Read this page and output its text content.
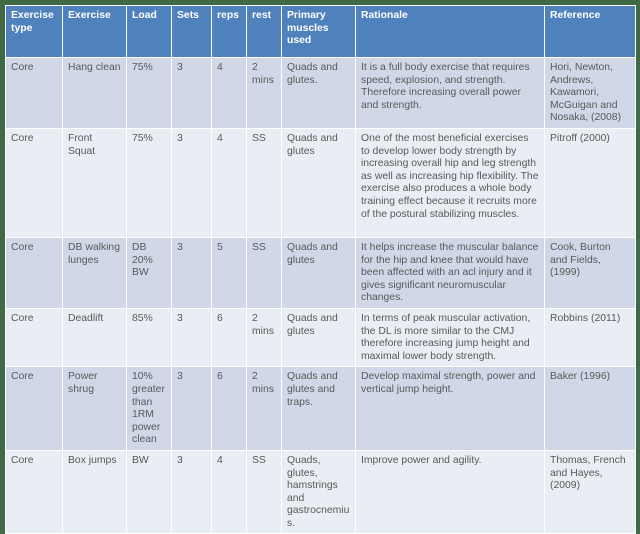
Exercise type	Exercise	Load	Sets	reps	rest	Primary muscles used	Rationale	Reference
Core	Hang clean	75%	3	4	2 mins	Quads and glutes.	It is a full body exercise that requires speed, explosion, and strength. Therefore increasing overall power and strength.	Hori, Newton, Andrews, Kawamori, McGuigan and Nosaka, (2008)
Core	Front Squat	75%	3	4	SS	Quads and glutes	One of the most beneficial exercises to develop lower body strength by increasing overall hip and leg strength as well as increasing hip flexibility. The exercise also produces a whole body training effect because it recruits more of the postural stabilizing muscles.	Pitroff (2000)
Core	DB walking lunges	DB 20% BW	3	5	SS	Quads and glutes	It helps increase the muscular balance for the hip and knee that would have been affected with an acl injury and it gives significant neuromuscular changes.	Cook, Burton and Fields, (1999)
Core	Deadlift	85%	3	6	2 mins	Quads and glutes	In terms of peak muscular activation, the DL is more similar to the CMJ therefore increasing jump height and maximal lower body strength.	Robbins (2011)
Core	Power shrug	10% greater than 1RM power clean	3	6	2 mins	Quads and glutes and traps.	Develop maximal strength, power and vertical jump height.	Baker (1996)
Core	Box jumps	BW	3	4	SS	Quads, glutes, hamstrings and gastrocnemius.	Improve power and agility.	Thomas, French and Hayes, (2009)
